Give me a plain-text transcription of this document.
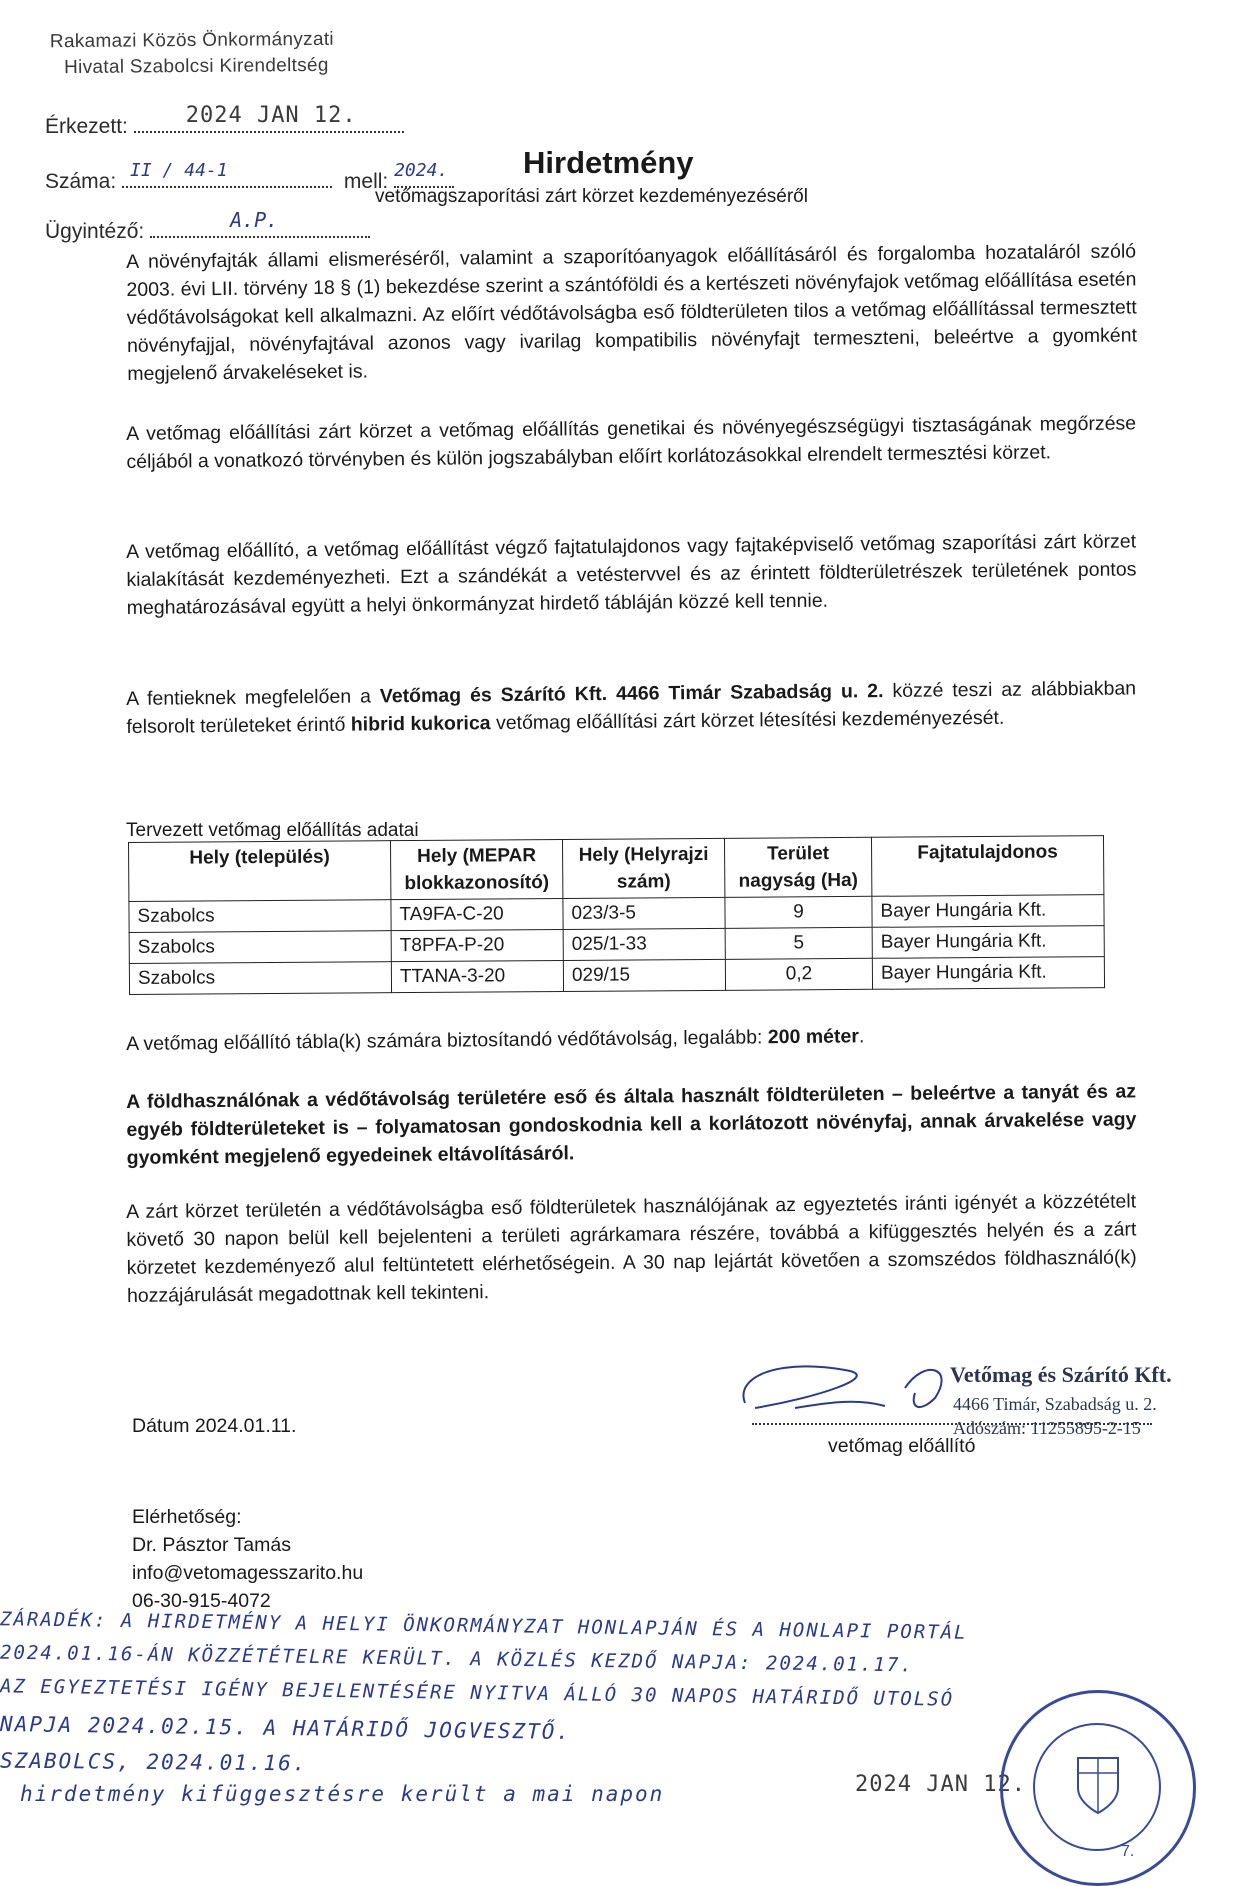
Rakamazi Közös Önkormányzati
Hivatal Szabolcsi Kirendeltség
Érkezett:	2024 JAN 12.
Száma: II / 44-1	mell: 2024.
Ügyintéző:	A.P.
Hirdetmény
vetőmagszaporítási zárt körzet kezdeményezéséről
A növényfajták állami elismeréséről, valamint a szaporítóanyagok előállításáról és forgalomba hozataláról szóló 2003. évi LII. törvény 18 § (1) bekezdése szerint a szántóföldi és a kertészeti növényfajok vetőmag előállítása esetén védőtávolságokat kell alkalmazni. Az előírt védőtávolságba eső földterületen tilos a vetőmag előállítással termesztett növényfajjal, növényfajtával azonos vagy ivarilag kompatibilis növényfajt termeszteni, beleértve a gyomként megjelenő árvakeléseket is.
A vetőmag előállítási zárt körzet a vetőmag előállítás genetikai és növényegészségügyi tisztaságának megőrzése céljából a vonatkozó törvényben és külön jogszabályban előírt korlátozásokkal elrendelt termesztési körzet.
A vetőmag előállító, a vetőmag előállítást végző fajtatulajdonos vagy fajtaképviselő vetőmag szaporítási zárt körzet kialakítását kezdeményezheti. Ezt a szándékát a vetéstervvel és az érintett földterületrészek területének pontos meghatározásával együtt a helyi önkormányzat hirdető tábláján közzé kell tennie.
A fentieknek megfelelően a Vetőmag és Szárító Kft. 4466 Timár Szabadság u. 2. közzé teszi az alábbiakban felsorolt területeket érintő hibrid kukorica vetőmag előállítási zárt körzet létesítési kezdeményezését.
Tervezett vetőmag előállítás adatai
Hely (település)	Hely (MEPAR blokkazonosító)	Hely (Helyrajzi szám)	Terület nagyság (Ha)	Fajtatulajdonos
Szabolcs	TA9FA-C-20	023/3-5	9	Bayer Hungária Kft.
Szabolcs	T8PFA-P-20	025/1-33	5	Bayer Hungária Kft.
Szabolcs	TTANA-3-20	029/15	0,2	Bayer Hungária Kft.
A vetőmag előállító tábla(k) számára biztosítandó védőtávolság, legalább: 200 méter.
A földhasználónak a védőtávolság területére eső és általa használt földterületen – beleértve a tanyát és az egyéb földterületeket is – folyamatosan gondoskodnia kell a korlátozott növényfaj, annak árvakelése vagy gyomként megjelenő egyedeinek eltávolításáról.
A zárt körzet területén a védőtávolságba eső földterületek használójának az egyeztetés iránti igényét a közzétételt követő 30 napon belül kell bejelenteni a területi agrárkamara részére, továbbá a kifüggesztés helyén és a zárt körzetet kezdeményező alul feltüntetett elérhetőségein. A 30 nap lejártát követően a szomszédos földhasználó(k) hozzájárulását megadottnak kell tekinteni.
Vetőmag és Szárító Kft.
4466 Timár, Szabadság u. 2.
Adószám: 11255895-2-15
vetőmag előállító
Dátum 2024.01.11.
Elérhetőség:
Dr. Pásztor Tamás
info@vetomagesszarito.hu
06-30-915-4072
ZÁRADÉK: A HIRDETMÉNY A HELYI ÖNKORMÁNYZAT HONLAPJÁN ÉS A HONLAPI PORTÁL
2024.01.16-ÁN KÖZZÉTÉTELRE KERÜLT. A KÖZLÉS KEZDŐ NAPJA: 2024.01.17.
AZ EGYEZTETÉSI IGÉNY BEJELENTÉSÉRE NYITVA ÁLLÓ 30 NAPOS HATÁRIDŐ UTOLSÓ
NAPJA 2024.02.15. A HATÁRIDŐ JOGVESZTŐ.
SZABOLCS, 2024.01.16.
hirdetmény kifüggesztésre került a mai napon	2024 JAN 12.
7.
